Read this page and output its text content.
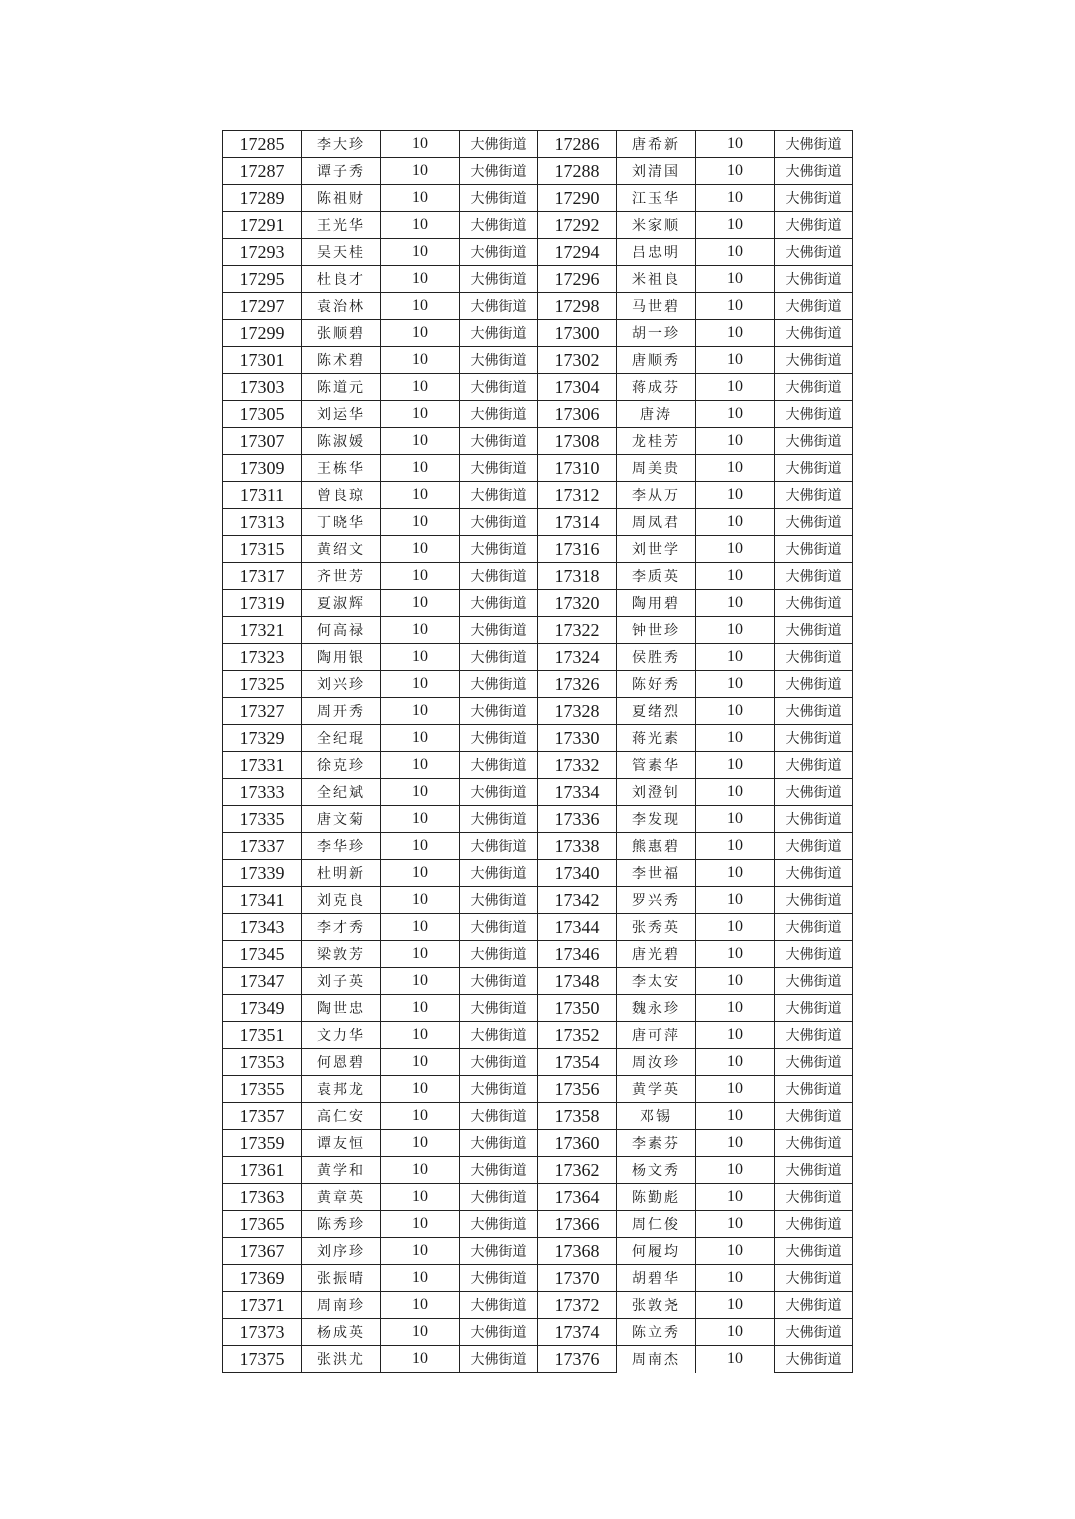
17285	李大珍	10	大佛街道	17286	唐希新	10	大佛街道
17287	谭子秀	10	大佛街道	17288	刘清国	10	大佛街道
17289	陈祖财	10	大佛街道	17290	江玉华	10	大佛街道
17291	王光华	10	大佛街道	17292	米家顺	10	大佛街道
17293	吴天桂	10	大佛街道	17294	吕忠明	10	大佛街道
17295	杜良才	10	大佛街道	17296	米祖良	10	大佛街道
17297	袁治林	10	大佛街道	17298	马世碧	10	大佛街道
17299	张顺碧	10	大佛街道	17300	胡一珍	10	大佛街道
17301	陈术碧	10	大佛街道	17302	唐顺秀	10	大佛街道
17303	陈道元	10	大佛街道	17304	蒋成芬	10	大佛街道
17305	刘运华	10	大佛街道	17306	唐涛	10	大佛街道
17307	陈淑媛	10	大佛街道	17308	龙桂芳	10	大佛街道
17309	王栋华	10	大佛街道	17310	周美贵	10	大佛街道
17311	曾良琼	10	大佛街道	17312	李从万	10	大佛街道
17313	丁晓华	10	大佛街道	17314	周凤君	10	大佛街道
17315	黄绍文	10	大佛街道	17316	刘世学	10	大佛街道
17317	齐世芳	10	大佛街道	17318	李质英	10	大佛街道
17319	夏淑辉	10	大佛街道	17320	陶用碧	10	大佛街道
17321	何高禄	10	大佛街道	17322	钟世珍	10	大佛街道
17323	陶用银	10	大佛街道	17324	侯胜秀	10	大佛街道
17325	刘兴珍	10	大佛街道	17326	陈好秀	10	大佛街道
17327	周开秀	10	大佛街道	17328	夏绪烈	10	大佛街道
17329	全纪琨	10	大佛街道	17330	蒋光素	10	大佛街道
17331	徐克珍	10	大佛街道	17332	管素华	10	大佛街道
17333	全纪斌	10	大佛街道	17334	刘澄钊	10	大佛街道
17335	唐文菊	10	大佛街道	17336	李发现	10	大佛街道
17337	李华珍	10	大佛街道	17338	熊惠碧	10	大佛街道
17339	杜明新	10	大佛街道	17340	李世福	10	大佛街道
17341	刘克良	10	大佛街道	17342	罗兴秀	10	大佛街道
17343	李才秀	10	大佛街道	17344	张秀英	10	大佛街道
17345	梁敦芳	10	大佛街道	17346	唐光碧	10	大佛街道
17347	刘子英	10	大佛街道	17348	李太安	10	大佛街道
17349	陶世忠	10	大佛街道	17350	魏永珍	10	大佛街道
17351	文力华	10	大佛街道	17352	唐可萍	10	大佛街道
17353	何恩碧	10	大佛街道	17354	周汝珍	10	大佛街道
17355	袁邦龙	10	大佛街道	17356	黄学英	10	大佛街道
17357	高仁安	10	大佛街道	17358	邓锡	10	大佛街道
17359	谭友恒	10	大佛街道	17360	李素芬	10	大佛街道
17361	黄学和	10	大佛街道	17362	杨文秀	10	大佛街道
17363	黄章英	10	大佛街道	17364	陈勤彪	10	大佛街道
17365	陈秀珍	10	大佛街道	17366	周仁俊	10	大佛街道
17367	刘序珍	10	大佛街道	17368	何履均	10	大佛街道
17369	张振晴	10	大佛街道	17370	胡碧华	10	大佛街道
17371	周南珍	10	大佛街道	17372	张敦尧	10	大佛街道
17373	杨成英	10	大佛街道	17374	陈立秀	10	大佛街道
17375	张洪尤	10	大佛街道	17376	周南杰	10	大佛街道
